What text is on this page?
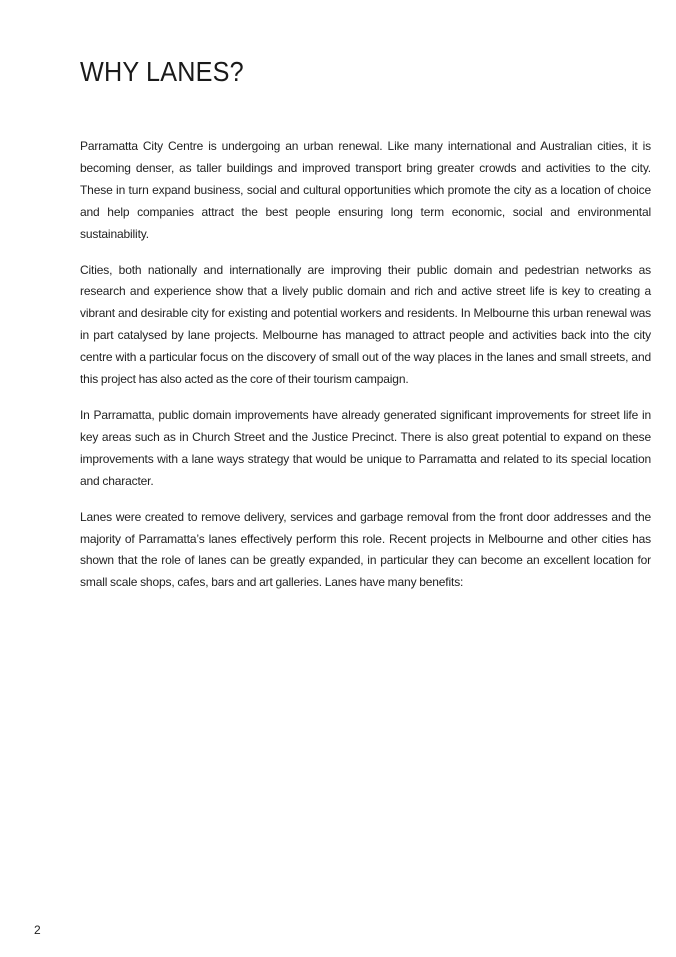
WHY LANES?

Parramatta City Centre is undergoing an urban renewal. Like many international and Australian cities, it is becoming denser, as taller buildings and improved transport bring greater crowds and activities to the city. These in turn expand business, social and cultural opportunities which promote the city as a location of choice and help companies attract the best people ensuring long term economic, social and environmental sustainability.

Cities, both nationally and internationally are improving their public domain and pedestrian networks as research and experience show that a lively public domain and rich and active street life is key to creating a vibrant and desirable city for existing and potential workers and residents. In Melbourne this urban renewal was in part catalysed by lane projects. Melbourne has managed to attract people and activities back into the city centre with a particular focus on the discovery of small out of the way places in the lanes and small streets, and this project has also acted as the core of their tourism campaign.

In Parramatta, public domain improvements have already generated significant improvements for street life in key areas such as in Church Street and the Justice Precinct. There is also great potential to expand on these improvements with a lane ways strategy that would be unique to Parramatta and related to its special location and character.

Lanes were created to remove delivery, services and garbage removal from the front door addresses and the majority of Parramatta’s lanes effectively perform this role. Recent projects in Melbourne and other cities has shown that the role of lanes can be greatly expanded, in particular they can become an excellent location for small scale shops, cafes, bars and art galleries. Lanes have many benefits:

2
